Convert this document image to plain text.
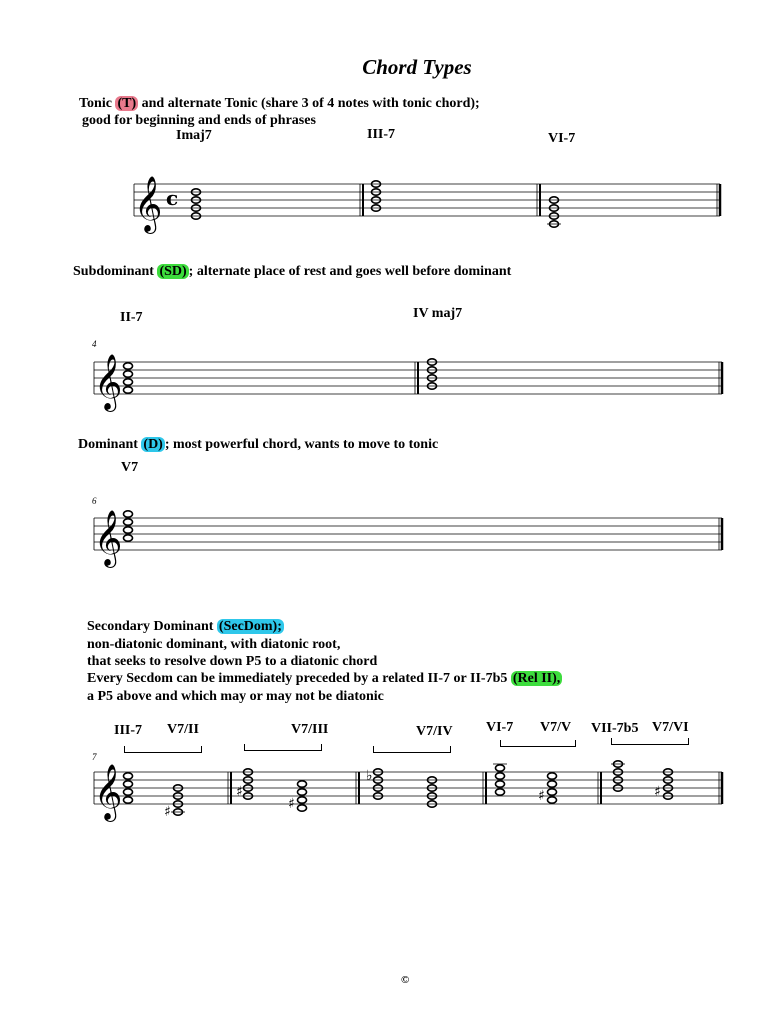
Chord Types
Tonic (T) and alternate Tonic (share 3 of 4 notes with tonic chord);
good for beginning and ends of phrases
Imaj7	III-7	VI-7
𝄞 c
Subdominant (SD) ; alternate place of rest and goes well before dominant
II-7	IV maj7
4
𝄞
Dominant (D) ; most powerful chord, wants to move to tonic
V7
6
𝄞
Secondary Dominant (SecDom);
non-diatonic dominant, with diatonic root,
that seeks to resolve down P5 to a diatonic chord
Every Secdom can be immediately preceded by a related II-7 or II-7b5 (Rel II),
a P5 above and which may or may not be diatonic
III-7 V7/II	V7/III	V7/IV VI-7 V7/V VII-7b5 V7/VI
7
𝄞	♯
♯
♯
♭
♯	♯
©
